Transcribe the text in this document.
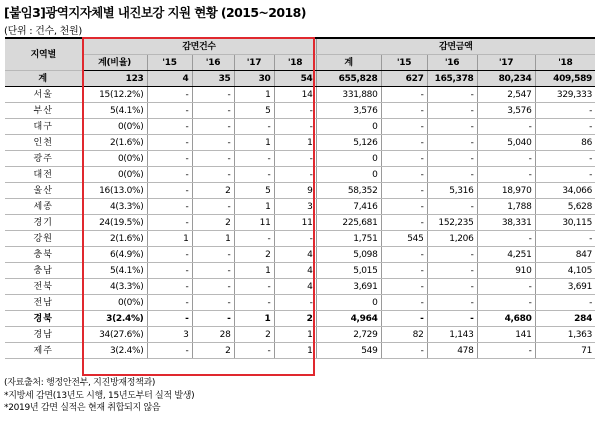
[붙임3]광역지자체별 내진보강 지원 현황 (2015~2018)
(단위 : 건수, 천원)
지역별	감면건수					감면금액				
	계(비율)	'15	'16	'17	'18	계	'15	'16	'17	'18
계	123	4	35	30	54	655,828	627	165,378	80,234	409,589
서울	15(12.2%)	-	-	1	14	331,880	-	-	2,547	329,333
부산	5(4.1%)	-	-	5	-	3,576	-	-	3,576	-
대구	0(0%)	-	-	-	-	0	-	-	-	-
인천	2(1.6%)	-	-	1	1	5,126	-	-	5,040	86
광주	0(0%)	-	-	-	-	0	-	-	-	-
대전	0(0%)	-	-	-	-	0	-	-	-	-
울산	16(13.0%)	-	2	5	9	58,352	-	5,316	18,970	34,066
세종	4(3.3%)	-	-	1	3	7,416	-	-	1,788	5,628
경기	24(19.5%)	-	2	11	11	225,681	-	152,235	38,331	30,115
강원	2(1.6%)	1	1	-	-	1,751	545	1,206	-	-
충북	6(4.9%)	-	-	2	4	5,098	-	-	4,251	847
충남	5(4.1%)	-	-	1	4	5,015	-	-	910	4,105
전북	4(3.3%)	-	-	-	4	3,691	-	-	-	3,691
전남	0(0%)	-	-	-	-	0	-	-	-	-
경북	3(2.4%)	-	-	1	2	4,964	-	-	4,680	284
경남	34(27.6%)	3	28	2	1	2,729	82	1,143	141	1,363
제주	3(2.4%)	-	2	-	1	549	-	478	-	71
(자료출처: 행정안전부, 지진방재정책과)
*지방세 감면(13년도 시행, 15년도부터 실적 발생)
*2019년 감면 실적은 현재 취합되지 않음
